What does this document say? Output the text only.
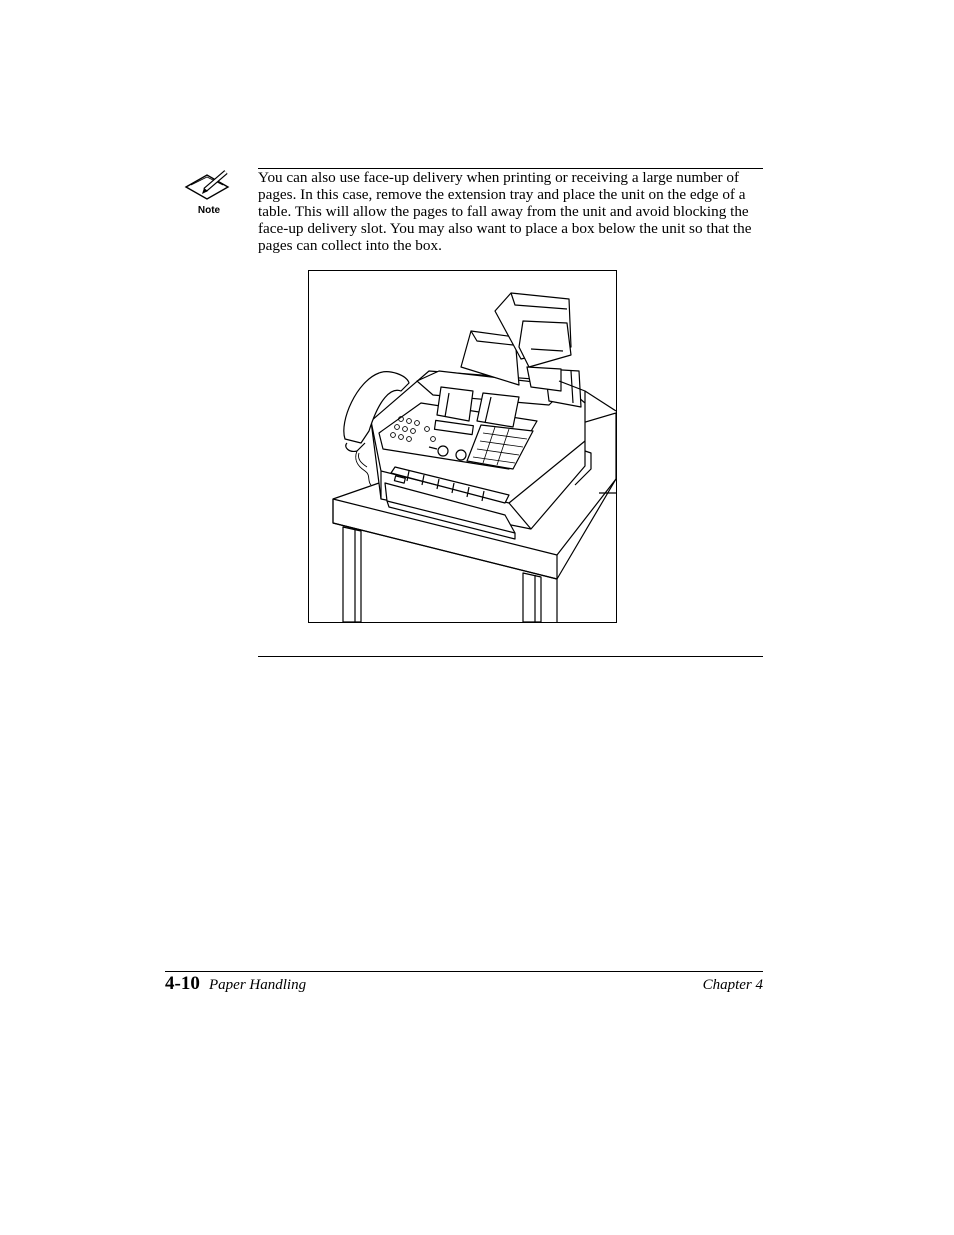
Note

You can also use face-up delivery when printing or receiving a large number of pages. In this case, remove the extension tray and place the unit on the edge of a table. This will allow the pages to fall away from the unit and avoid blocking the face-up delivery slot. You may also want to place a box below the unit so that the pages can collect into the box.

4-10 Paper Handling	Chapter 4
